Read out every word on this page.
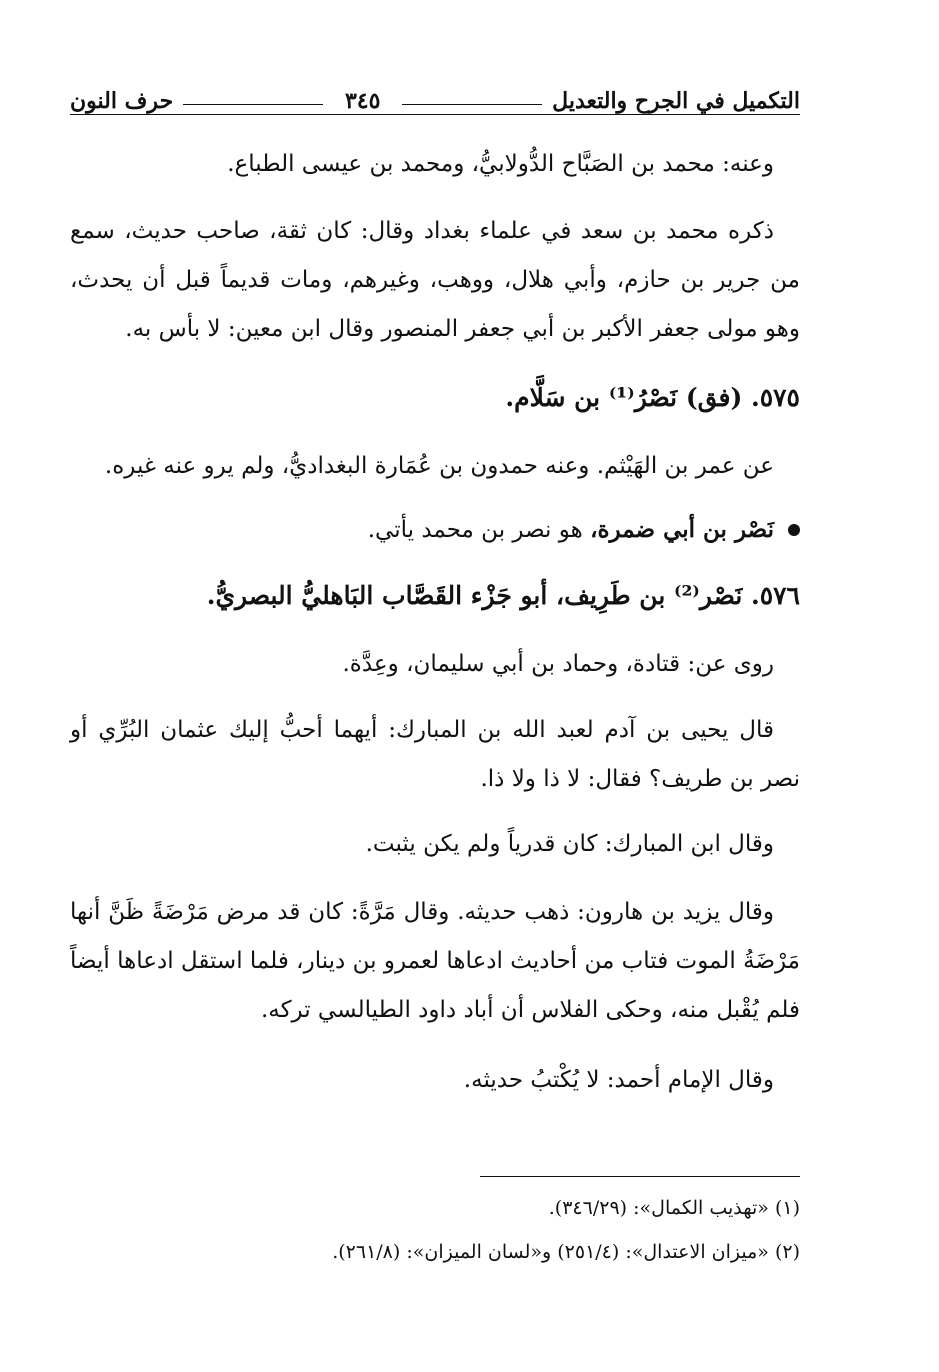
التكميل في الجرح والتعديل
٣٤٥
حرف النون

وعنه: محمد بن الصَبَّاح الدُّولابيُّ، ومحمد بن عيسى الطباع.

ذكره محمد بن سعد في علماء بغداد وقال: كان ثقة، صاحب حديث، سمع من جرير بن حازم، وأبي هلال، ووهب، وغيرهم، ومات قديماً قبل أن يحدث، وهو مولى جعفر الأكبر بن أبي جعفر المنصور وقال ابن معين: لا بأس به.

٥٧٥. (فق) نَصْرُ⁽¹⁾ بن سَلَّام.

عن عمر بن الهَيْثم. وعنه حمدون بن عُمَارة البغداديُّ، ولم يرو عنه غيره.

نَصْر بن أبي ضمرة، هو نصر بن محمد يأتي.

٥٧٦. نَصْر⁽²⁾ بن طَرِيف، أبو جَزْء القَصَّاب البَاهليُّ البصريُّ.

روى عن: قتادة، وحماد بن أبي سليمان، وعِدَّة.

قال يحيى بن آدم لعبد الله بن المبارك: أيهما أحبُّ إليك عثمان البُرِّي أو نصر بن طريف؟ فقال: لا ذا ولا ذا.

وقال ابن المبارك: كان قدرياً ولم يكن يثبت.

وقال يزيد بن هارون: ذهب حديثه. وقال مَرَّةً: كان قد مرض مَرْضَةً ظَنَّ أنها مَرْضَةُ الموت فتاب من أحاديث ادعاها لعمرو بن دينار، فلما استقل ادعاها أيضاً فلم يُقْبل منه، وحكى الفلاس أن أباد داود الطيالسي تركه.

وقال الإمام أحمد: لا يُكْتبُ حديثه.

(١) «تهذيب الكمال»: (٣٤٦/٢٩).

(٢) «ميزان الاعتدال»: (٢٥١/٤) و«لسان الميزان»: (٢٦١/٨).
